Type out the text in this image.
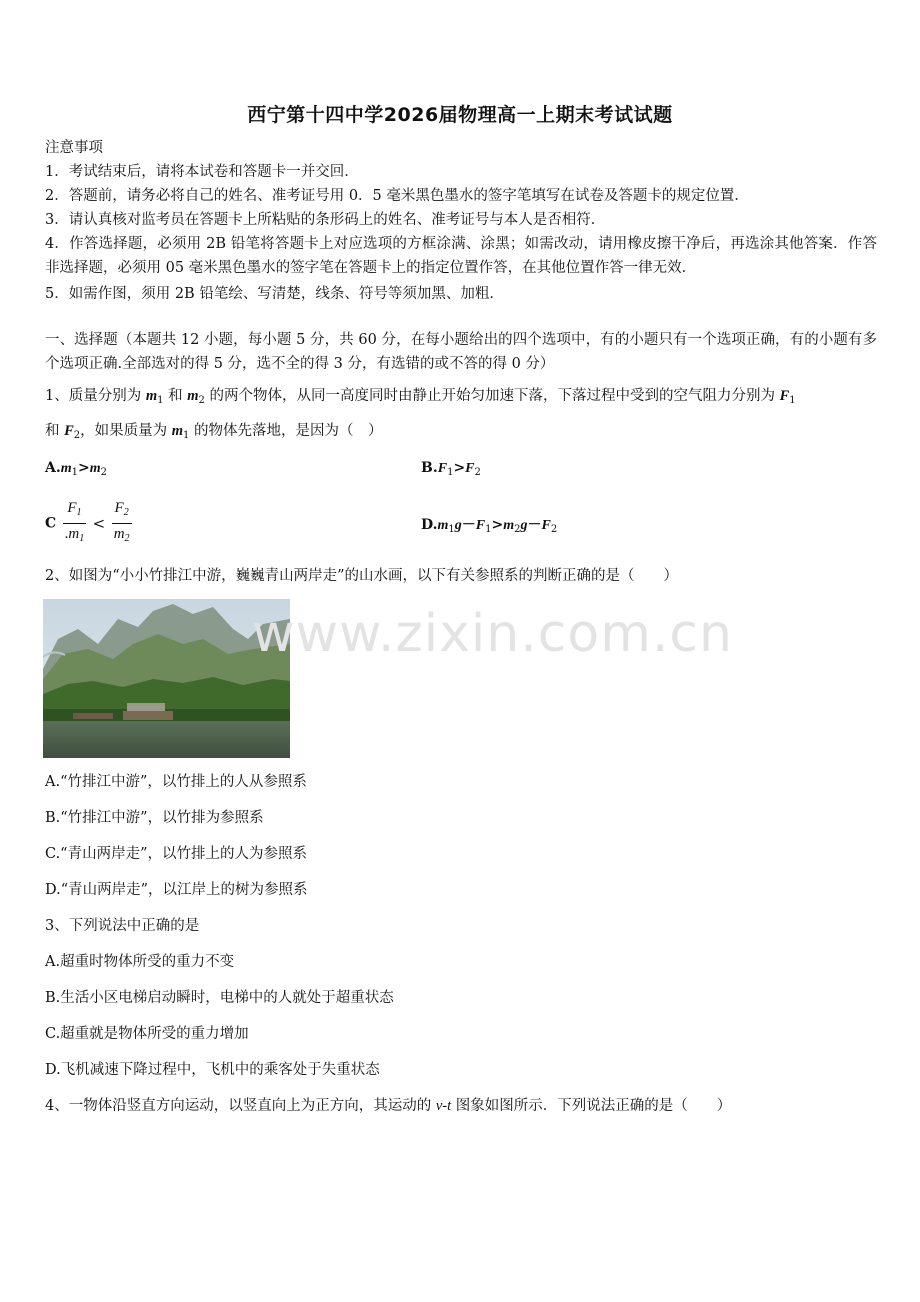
西宁第十四中学2026届物理高一上期末考试试题
注意事项
1．考试结束后，请将本试卷和答题卡一并交回．
2．答题前，请务必将自己的姓名、准考证号用 0．5 毫米黑色墨水的签字笔填写在试卷及答题卡的规定位置．
3．请认真核对监考员在答题卡上所粘贴的条形码上的姓名、准考证号与本人是否相符．
4．作答选择题，必须用 2B 铅笔将答题卡上对应选项的方框涂满、涂黑；如需改动，请用橡皮擦干净后，再选涂其他答案．作答非选择题，必须用 05 毫米黑色墨水的签字笔在答题卡上的指定位置作答，在其他位置作答一律无效．
5．如需作图，须用 2B 铅笔绘、写清楚，线条、符号等须加黑、加粗．
一、选择题（本题共 12 小题，每小题 5 分，共 60 分，在每小题给出的四个选项中，有的小题只有一个选项正确，有的小题有多个选项正确.全部选对的得 5 分，选不全的得 3 分，有选错的或不答的得 0 分）
1、质量分别为 $m_1$ 和 $m_2$ 的两个物体，从同一高度同时由静止开始匀加速下落，下落过程中受到的空气阻力分别为 $F_1$
和 $F_2$，如果质量为 $m_1$ 的物体先落地，是因为（　）
$A.m_1>m_2$	$B.F_1>F_2$
C $\frac{F_1}{.m_1} < \frac{F_2}{m_2}$	$D.m_1g-F_1>m_2g-F_2$
2、如图为“小小竹排江中游，巍巍青山两岸走”的山水画，以下有关参照系的判断正确的是（　　）
www.zixin.com.cn
A.“竹排江中游”，以竹排上的人从参照系
B.“竹排江中游”，以竹排为参照系
C.“青山两岸走”，以竹排上的人为参照系
D.“青山两岸走”，以江岸上的树为参照系
3、下列说法中正确的是
A.超重时物体所受的重力不变
B.生活小区电梯启动瞬时，电梯中的人就处于超重状态
C.超重就是物体所受的重力增加
D.飞机减速下降过程中，飞机中的乘客处于失重状态
4、一物体沿竖直方向运动，以竖直向上为正方向，其运动的 v-t 图象如图所示．下列说法正确的是（　　）
